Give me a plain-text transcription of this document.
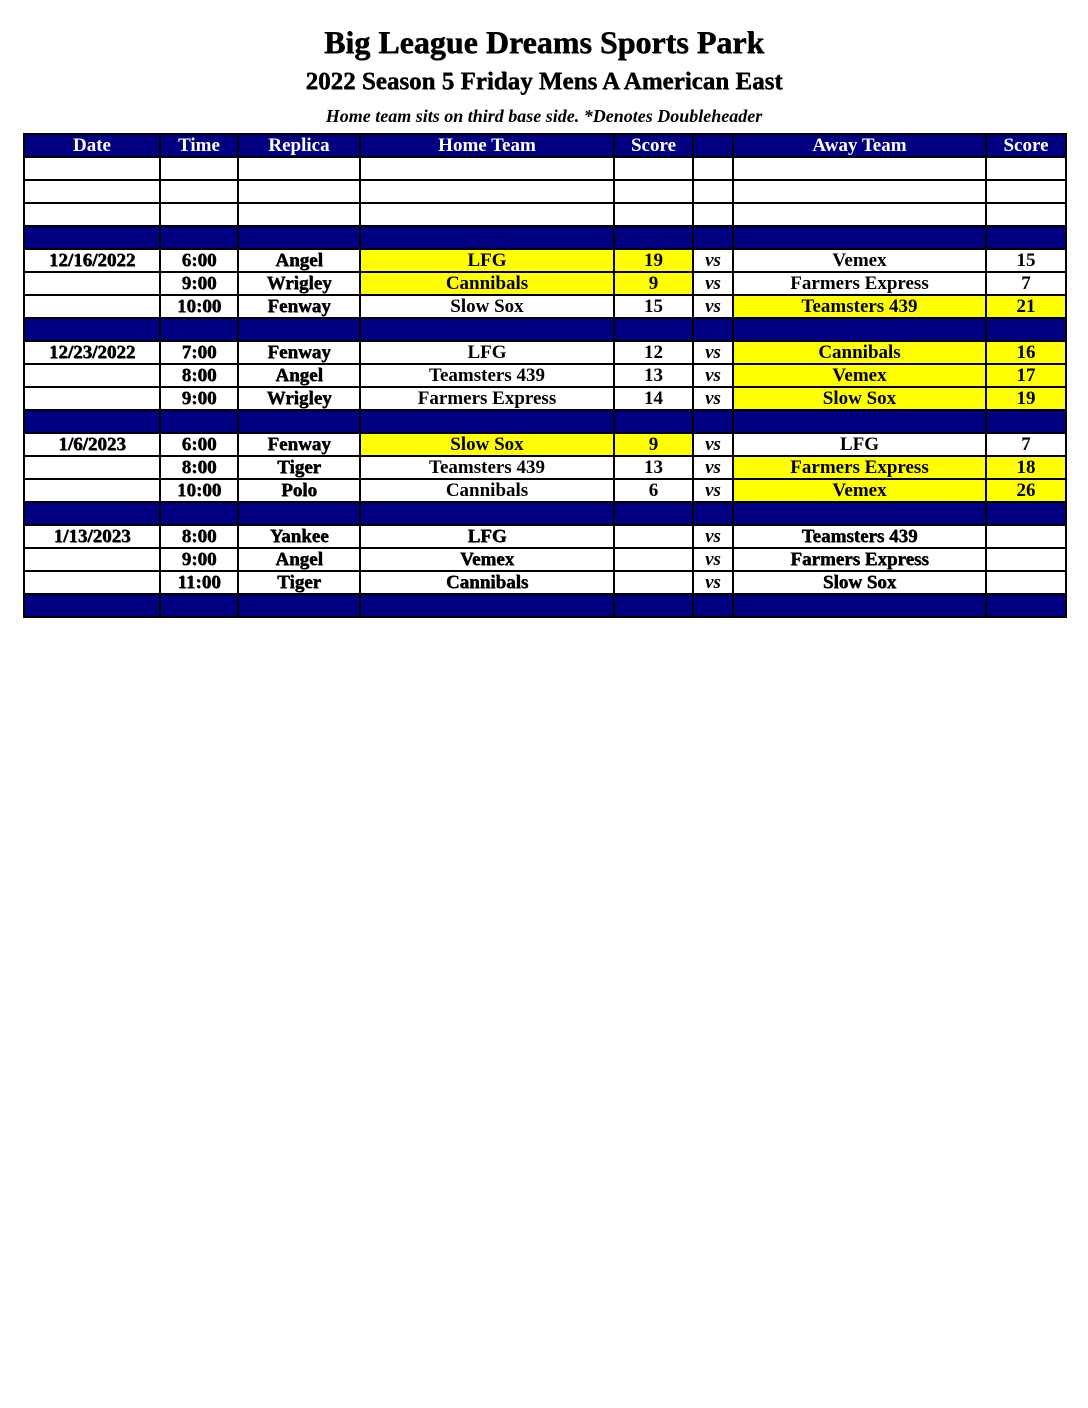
Big League Dreams Sports Park
2022 Season 5 Friday Mens A American East
Home team sits on third base side. *Denotes Doubleheader
Date	Time	Replica	Home Team	Score		Away Team	Score

12/16/2022	6:00	Angel	LFG	19	vs	Vemex	15
	9:00	Wrigley	Cannibals	9	vs	Farmers Express	7
	10:00	Fenway	Slow Sox	15	vs	Teamsters 439	21

12/23/2022	7:00	Fenway	LFG	12	vs	Cannibals	16
	8:00	Angel	Teamsters 439	13	vs	Vemex	17
	9:00	Wrigley	Farmers Express	14	vs	Slow Sox	19

1/6/2023	6:00	Fenway	Slow Sox	9	vs	LFG	7
	8:00	Tiger	Teamsters 439	13	vs	Farmers Express	18
	10:00	Polo	Cannibals	6	vs	Vemex	26

1/13/2023	8:00	Yankee	LFG		vs	Teamsters 439	
	9:00	Angel	Vemex		vs	Farmers Express	
	11:00	Tiger	Cannibals		vs	Slow Sox	
